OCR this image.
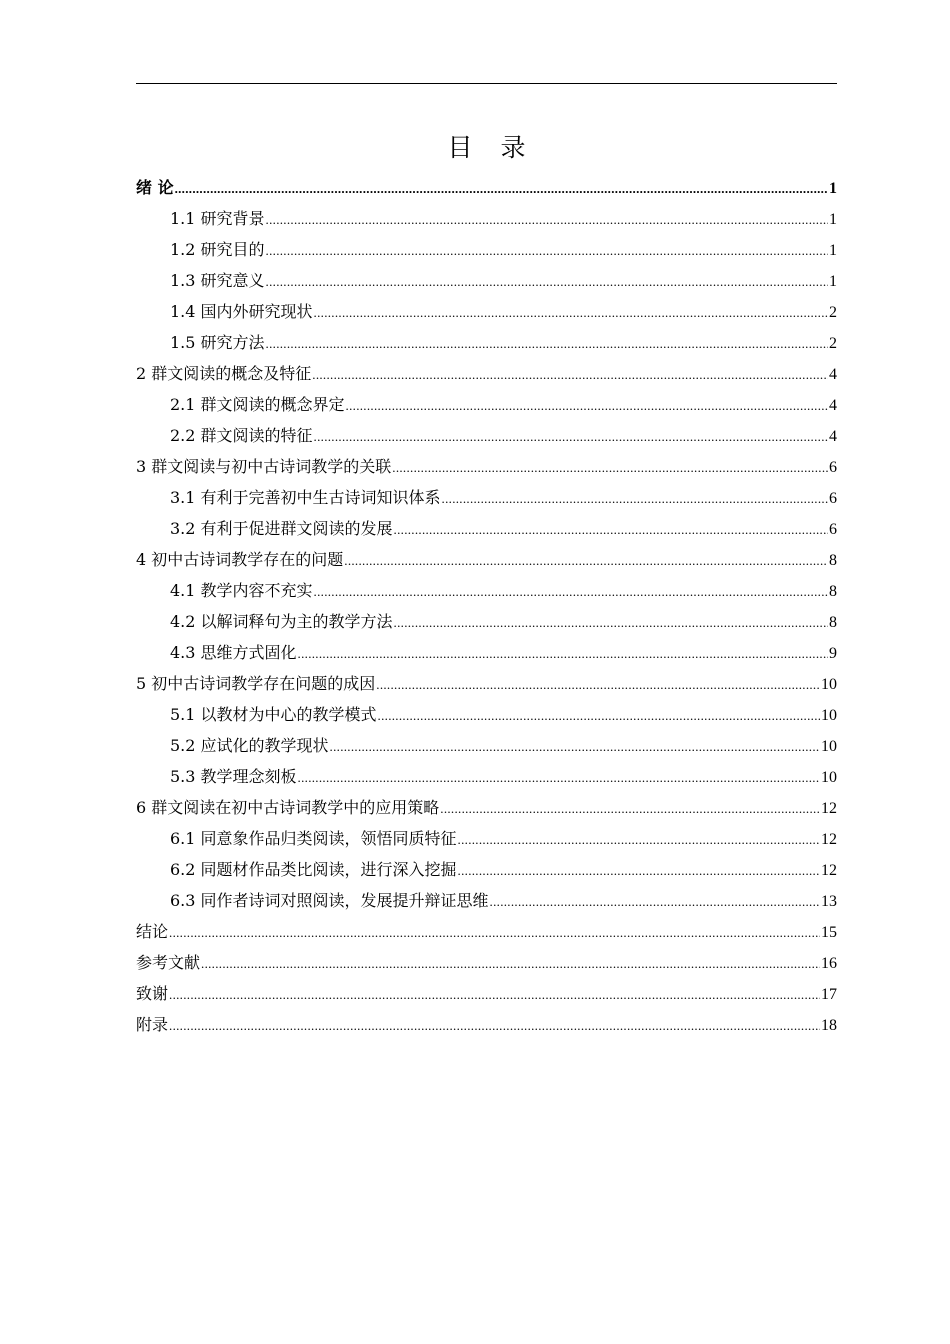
目 录
绪 论 .....	1
1.1 研究背景 .....	1
1.2 研究目的 .....	1
1.3 研究意义 .....	1
1.4 国内外研究现状 .....	2
1.5 研究方法 .....	2
2 群文阅读的概念及特征 .....	4
2.1 群文阅读的概念界定 .....	4
2.2 群文阅读的特征 .....	4
3 群文阅读与初中古诗词教学的关联 .....	6
3.1 有利于完善初中生古诗词知识体系 .....	6
3.2 有利于促进群文阅读的发展 .....	6
4 初中古诗词教学存在的问题 .....	8
4.1 教学内容不充实 .....	8
4.2 以解词释句为主的教学方法 .....	8
4.3 思维方式固化 .....	9
5 初中古诗词教学存在问题的成因 .....	10
5.1 以教材为中心的教学模式 .....	10
5.2 应试化的教学现状 .....	10
5.3 教学理念刻板 .....	10
6 群文阅读在初中古诗词教学中的应用策略 .....	12
6.1 同意象作品归类阅读，领悟同质特征 .....	12
6.2 同题材作品类比阅读，进行深入挖掘 .....	12
6.3 同作者诗词对照阅读，发展提升辩证思维 .....	13
结论 .....	15
参考文献 .....	16
致谢 .....	17
附录 .....	18
